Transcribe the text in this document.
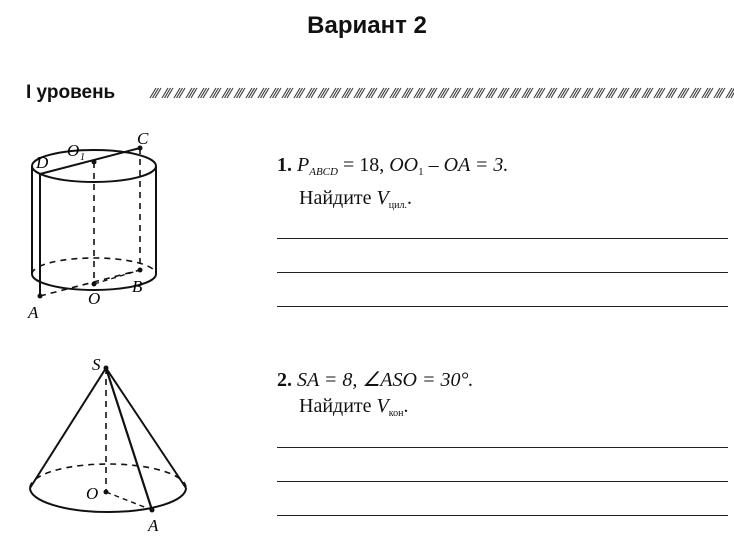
Вариант 2
I уровень
C
D
O 1
O
B
A
1. $P_{ABCD} = 18$, $OO_1$ – OA = 3.
Найдите $V_{цил.}$.
S
O
A
2. SA = 8, ∠ASO = 30°.
Найдите $V_{кон}$.
